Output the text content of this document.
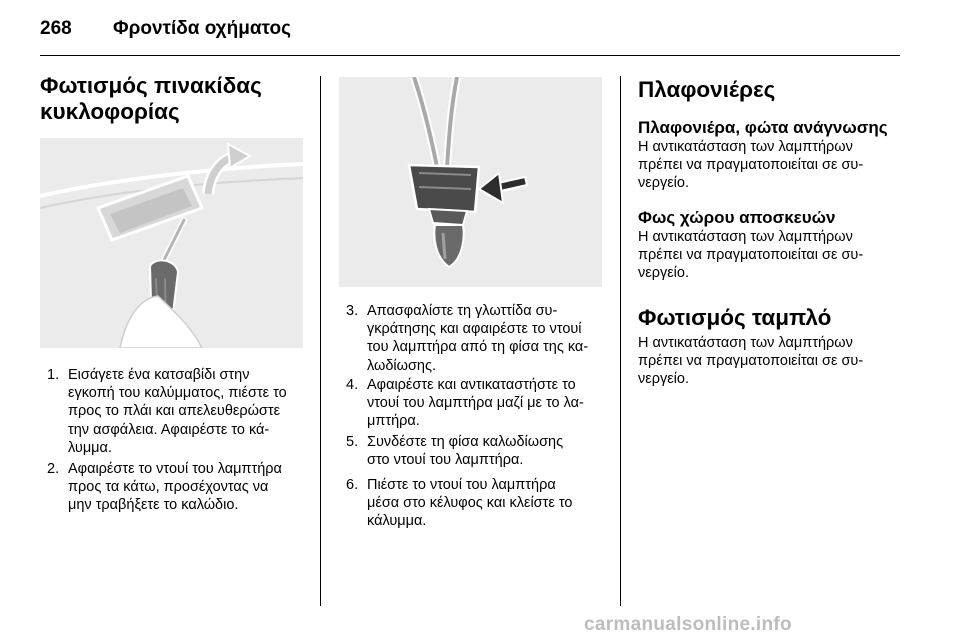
268 Φροντίδα οχήματος
Φωτισμός πινακίδας
κυκλοφορίας
1. Εισάγετε ένα κατσαβίδι στην
εγκοπή του καλύμματος, πιέστε το
προς το πλάι και απελευθερώστε
την ασφάλεια. Αφαιρέστε το κά-
λυμμα.
2. Αφαιρέστε το ντουί του λαμπτήρα
προς τα κάτω, προσέχοντας να
μην τραβήξετε το καλώδιο.
3. Απασφαλίστε τη γλωττίδα συ-
γκράτησης και αφαιρέστε το ντουί
του λαμπτήρα από τη φίσα της κα-
λωδίωσης.
4. Αφαιρέστε και αντικαταστήστε το
ντουί του λαμπτήρα μαζί με το λα-
μπτήρα.
5. Συνδέστε τη φίσα καλωδίωσης
στο ντουί του λαμπτήρα.
6. Πιέστε το ντουί του λαμπτήρα
μέσα στο κέλυφος και κλείστε το
κάλυμμα.
Πλαφονιέρες
Πλαφονιέρα, φώτα ανάγνωσης
Η αντικατάσταση των λαμπτήρων
πρέπει να πραγματοποιείται σε συ-
νεργείο.
Φως χώρου αποσκευών
Η αντικατάσταση των λαμπτήρων
πρέπει να πραγματοποιείται σε συ-
νεργείο.
Φωτισμός ταμπλό
Η αντικατάσταση των λαμπτήρων
πρέπει να πραγματοποιείται σε συ-
νεργείο.
carmanualsonline.info
